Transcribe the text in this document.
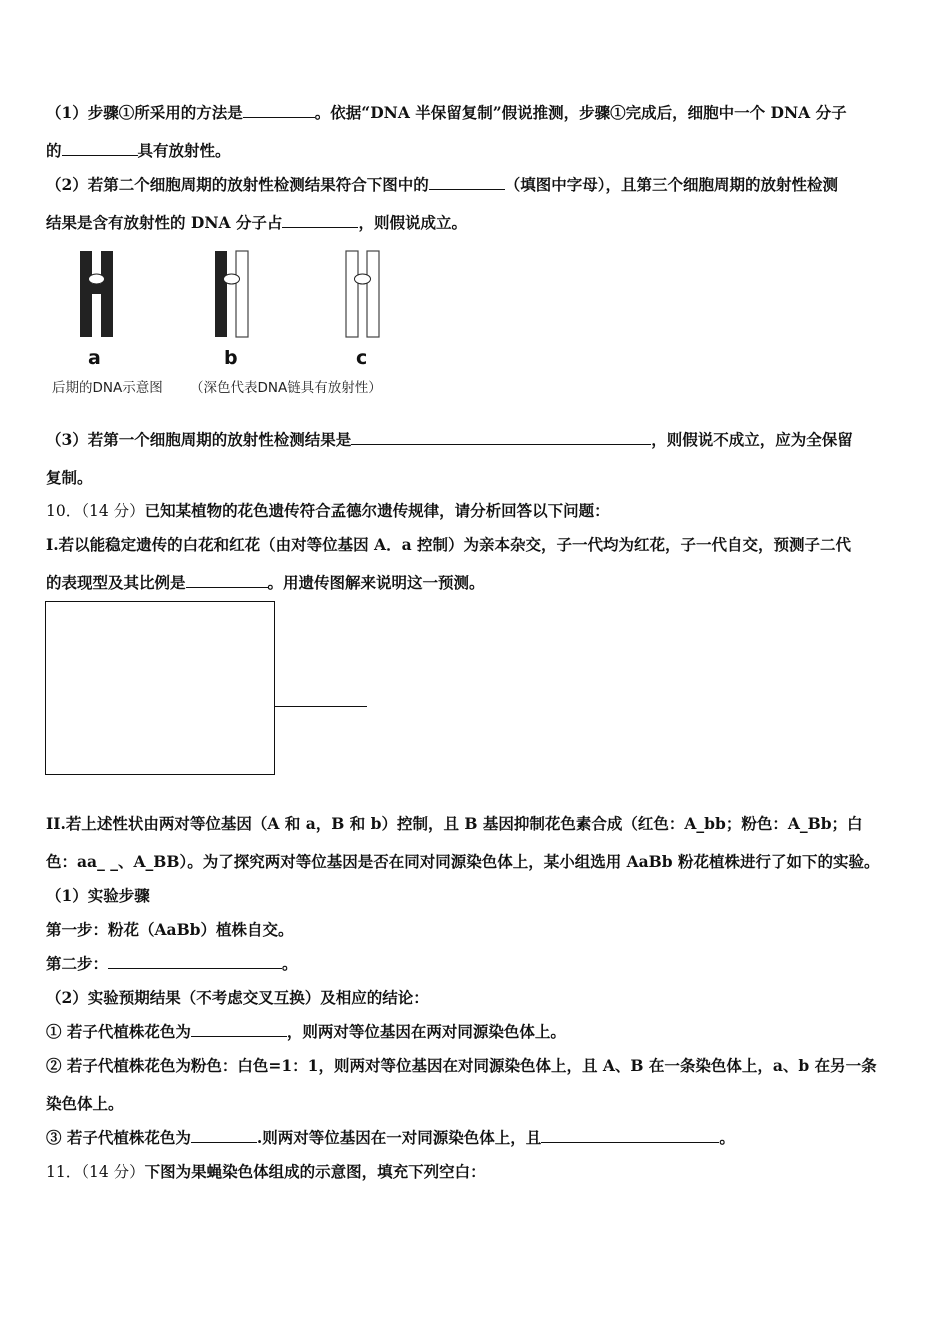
（1）步骤①所采用的方法是	。依据“DNA 半保留复制”假说推测，步骤①完成后，细胞中一个 DNA 分子
的	具有放射性。
（2）若第二个细胞周期的放射性检测结果符合下图中的	（填图中字母），且第三个细胞周期的放射性检测
结果是含有放射性的 DNA 分子占	，则假说成立。
a	b	c
后期的DNA示意图 （深色代表DNA链具有放射性）
（3）若第一个细胞周期的放射性检测结果是	，则假说不成立，应为全保留
复制。
10．（14 分）已知某植物的花色遗传符合孟德尔遗传规律，请分析回答以下问题：
I.若以能稳定遗传的白花和红花（由对等位基因 A．a 控制）为亲本杂交，子一代均为红花，子一代自交，预测子二代
的表现型及其比例是	。用遗传图解来说明这一预测。
II.若上述性状由两对等位基因（A 和 a，B 和 b）控制，且 B 基因抑制花色素合成（红色：A_bb；粉色：A_Bb；白
色：aa_ _、A_BB）。为了探究两对等位基因是否在同对同源染色体上，某小组选用 AaBb 粉花植株进行了如下的实验。
（1）实验步骤
第一步：粉花（AaBb）植株自交。
第二步：	。
（2）实验预期结果（不考虑交叉互换）及相应的结论：
① 若子代植株花色为	，则两对等位基因在两对同源染色体上。
② 若子代植株花色为粉色：白色=1：1，则两对等位基因在对同源染色体上，且 A、B 在一条染色体上，a、b 在另一条
染色体上。
③ 若子代植株花色为	.则两对等位基因在一对同源染色体上，且	。
11．（14 分）下图为果蝇染色体组成的示意图，填充下列空白：
